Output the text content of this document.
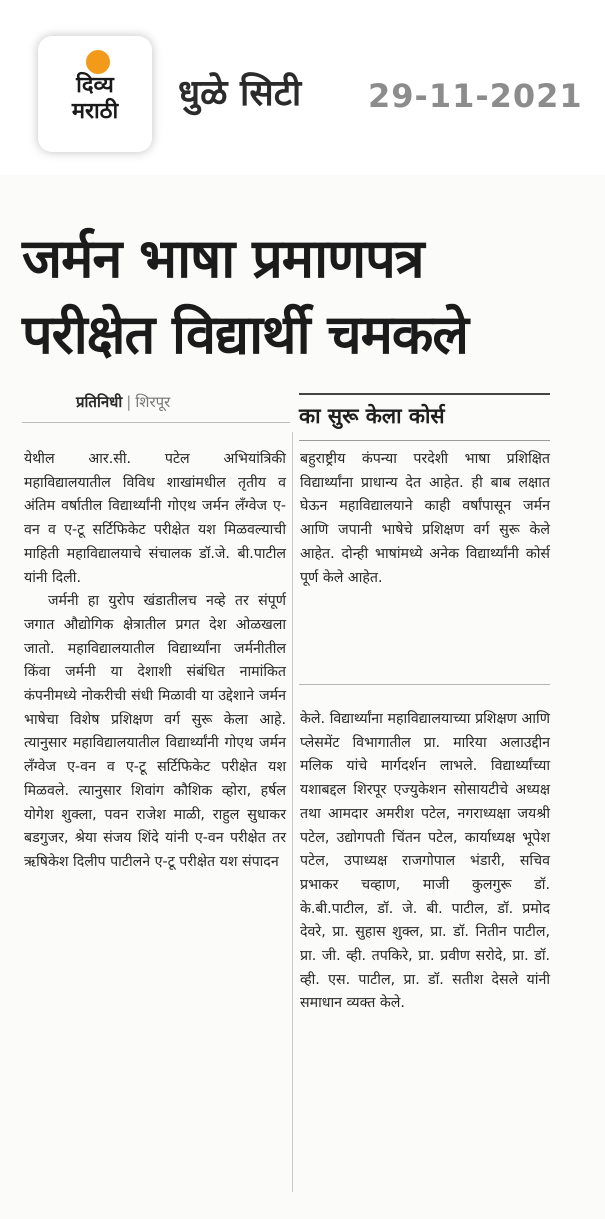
दिव्य
मराठी	धुळे सिटी 29-11-2021
जर्मन भाषा प्रमाणपत्र
परीक्षेत विद्यार्थी चमकले
प्रतिनिधी | शिरपूर
का सुरू केला कोर्स

येथील आर.सी. पटेल अभियांत्रिकी महाविद्यालयातील विविध शाखांमधील तृतीय व अंतिम वर्षातील विद्यार्थ्यांनी गोएथ जर्मन लँग्वेज ए-वन व ए-टू सर्टिफिकेट परीक्षेत यश मिळवल्याची माहिती महाविद्यालयाचे संचालक डॉ.जे. बी.पाटील यांनी दिली.

जर्मनी हा युरोप खंडातीलच नव्हे तर संपूर्ण जगात औद्योगिक क्षेत्रातील प्रगत देश ओळखला जातो. महाविद्यालयातील विद्यार्थ्यांना जर्मनीतील किंवा जर्मनी या देशाशी संबंधित नामांकित कंपनीमध्ये नोकरीची संधी मिळावी या उद्देशाने जर्मन भाषेचा विशेष प्रशिक्षण वर्ग सुरू केला आहे. त्यानुसार महाविद्यालयातील विद्यार्थ्यांनी गोएथ जर्मन लँग्वेज ए-वन व ए-टू सर्टिफिकेट परीक्षेत यश मिळवले. त्यानुसार शिवांग कौशिक व्होरा, हर्षल योगेश शुक्ला, पवन राजेश माळी, राहुल सुधाकर बडगुजर, श्रेया संजय शिंदे यांनी ए-वन परीक्षेत तर ऋषिकेश दिलीप पाटीलने ए-टू परीक्षेत यश संपादन

बहुराष्ट्रीय कंपन्या परदेशी भाषा प्रशिक्षित विद्यार्थ्यांना प्राधान्य देत आहेत. ही बाब लक्षात घेऊन महाविद्यालयाने काही वर्षांपासून जर्मन आणि जपानी भाषेचे प्रशिक्षण वर्ग सुरू केले आहेत. दोन्ही भाषांमध्ये अनेक विद्यार्थ्यांनी कोर्स पूर्ण केले आहेत.

केले. विद्यार्थ्यांना महाविद्यालयाच्या प्रशिक्षण आणि प्लेसमेंट विभागातील प्रा. मारिया अलाउद्दीन मलिक यांचे मार्गदर्शन लाभले. विद्यार्थ्यांच्या यशाबद्दल शिरपूर एज्युकेशन सोसायटीचे अध्यक्ष तथा आमदार अमरीश पटेल, नगराध्यक्षा जयश्री पटेल, उद्योगपती चिंतन पटेल, कार्याध्यक्ष भूपेश पटेल, उपाध्यक्ष राजगोपाल भंडारी, सचिव प्रभाकर चव्हाण, माजी कुलगुरू डॉ. के.बी.पाटील, डॉ. जे. बी. पाटील, डॉ. प्रमोद देवरे, प्रा. सुहास शुक्ल, प्रा. डॉ. नितीन पाटील, प्रा. जी. व्ही. तपकिरे, प्रा. प्रवीण सरोदे, प्रा. डॉ. व्ही. एस. पाटील, प्रा. डॉ. सतीश देसले यांनी समाधान व्यक्त केले.
